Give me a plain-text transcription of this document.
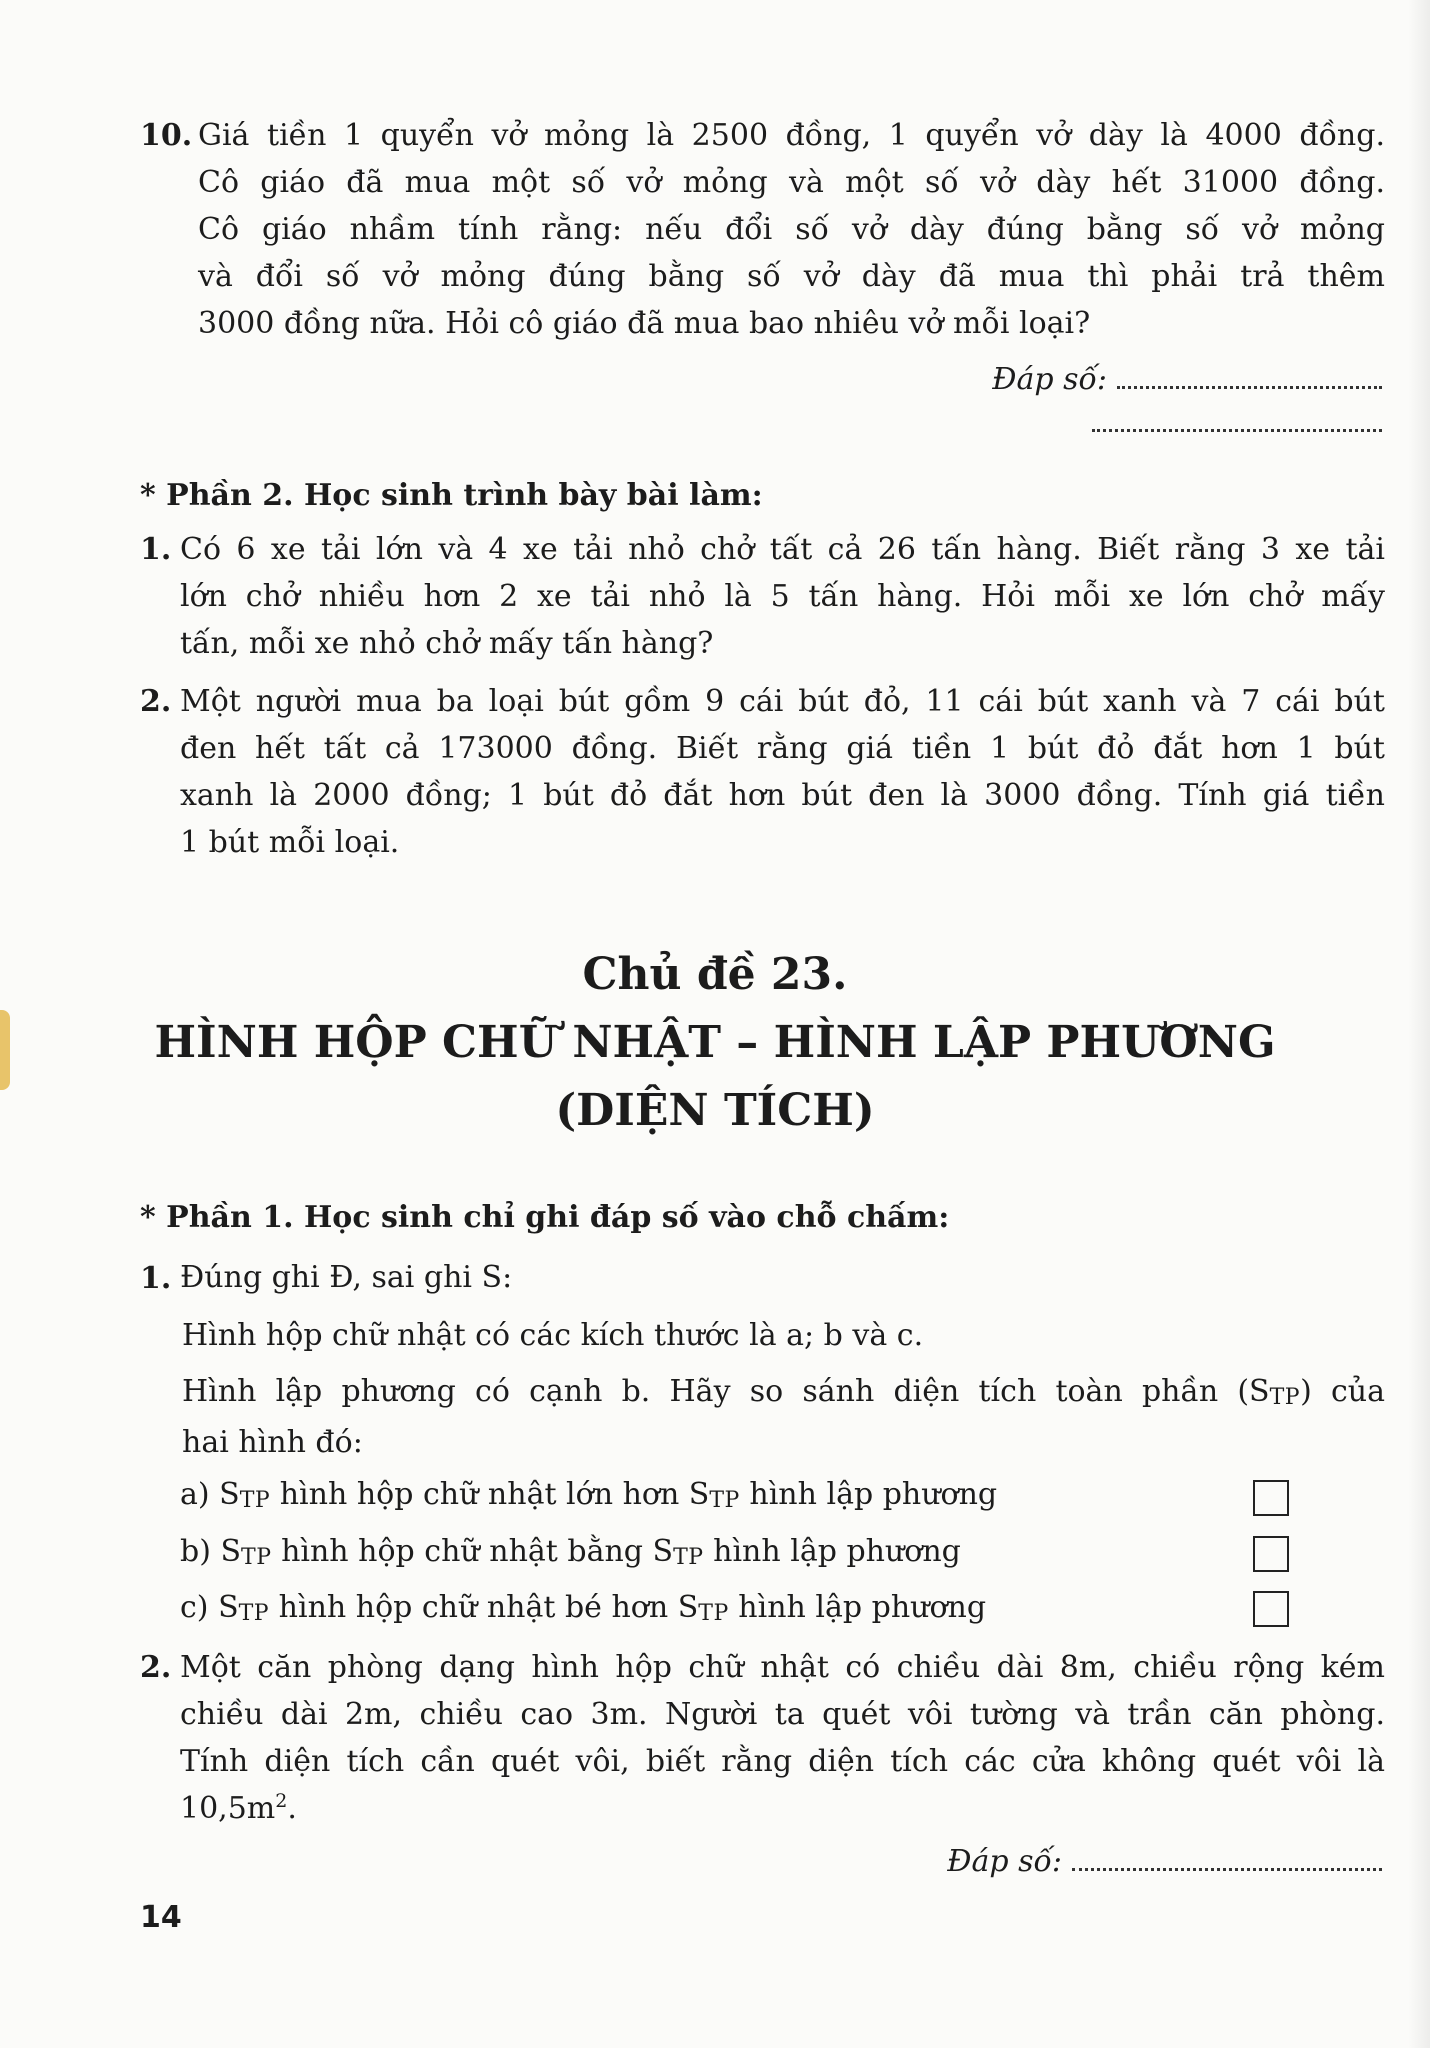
10. Giá tiền 1 quyển vở mỏng là 2500 đồng, 1 quyển vở dày là 4000 đồng.

Cô giáo đã mua một số vở mỏng và một số vở dày hết 31000 đồng.

Cô giáo nhầm tính rằng: nếu đổi số vở dày đúng bằng số vở mỏng

và đổi số vở mỏng đúng bằng số vở dày đã mua thì phải trả thêm

3000 đồng nữa. Hỏi cô giáo đã mua bao nhiêu vở mỗi loại?

Đáp số:
* Phần 2. Học sinh trình bày bài làm:
1. Có 6 xe tải lớn và 4 xe tải nhỏ chở tất cả 26 tấn hàng. Biết rằng 3 xe tải

lớn chở nhiều hơn 2 xe tải nhỏ là 5 tấn hàng. Hỏi mỗi xe lớn chở mấy

tấn, mỗi xe nhỏ chở mấy tấn hàng?

2. Một người mua ba loại bút gồm 9 cái bút đỏ, 11 cái bút xanh và 7 cái bút

đen hết tất cả 173000 đồng. Biết rằng giá tiền 1 bút đỏ đắt hơn 1 bút

xanh là 2000 đồng; 1 bút đỏ đắt hơn bút đen là 3000 đồng. Tính giá tiền

1 bút mỗi loại.

Chủ đề 23.
HÌNH HỘP CHỮ NHẬT – HÌNH LẬP PHƯƠNG
(DIỆN TÍCH)
* Phần 1. Học sinh chỉ ghi đáp số vào chỗ chấm:
1. Đúng ghi Đ, sai ghi S:

Hình hộp chữ nhật có các kích thước là a; b và c.

Hình lập phương có cạnh b. Hãy so sánh diện tích toàn phần (STP) của

hai hình đó:

a) STP hình hộp chữ nhật lớn hơn STP hình lập phương
b) STP hình hộp chữ nhật bằng STP hình lập phương
c) STP hình hộp chữ nhật bé hơn STP hình lập phương
2. Một căn phòng dạng hình hộp chữ nhật có chiều dài 8m, chiều rộng kém

chiều dài 2m, chiều cao 3m. Người ta quét vôi tường và trần căn phòng.

Tính diện tích cần quét vôi, biết rằng diện tích các cửa không quét vôi là

$10,5m^2$.

Đáp số:
14
